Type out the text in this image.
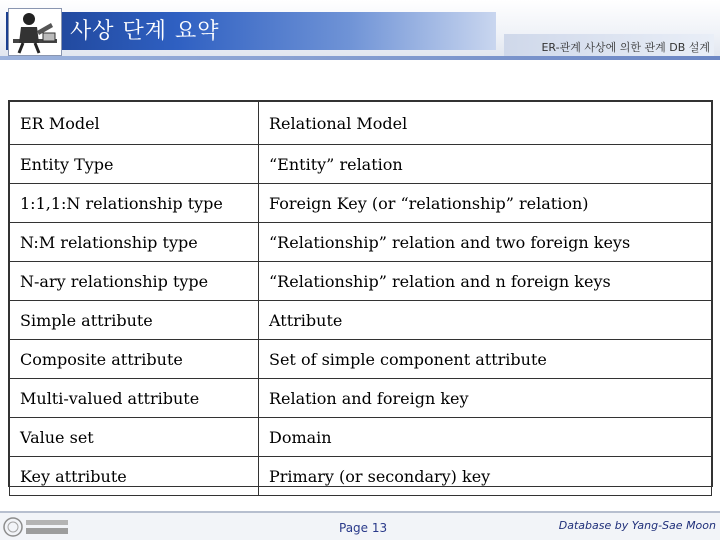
사상 단계 요약
ER-관계 사상에 의한 관계 DB 설계
ER Model	Relational Model
Entity Type	“Entity” relation
1:1,1:N relationship type	Foreign Key (or “relationship” relation)
N:M relationship type	“Relationship” relation and two foreign keys
N-ary relationship type	“Relationship” relation and n foreign keys
Simple attribute	Attribute
Composite attribute	Set of simple component attribute
Multi-valued attribute	Relation and foreign key
Value set	Domain
Key attribute	Primary (or secondary) key
Page 13	Database by Yang-Sae Moon
